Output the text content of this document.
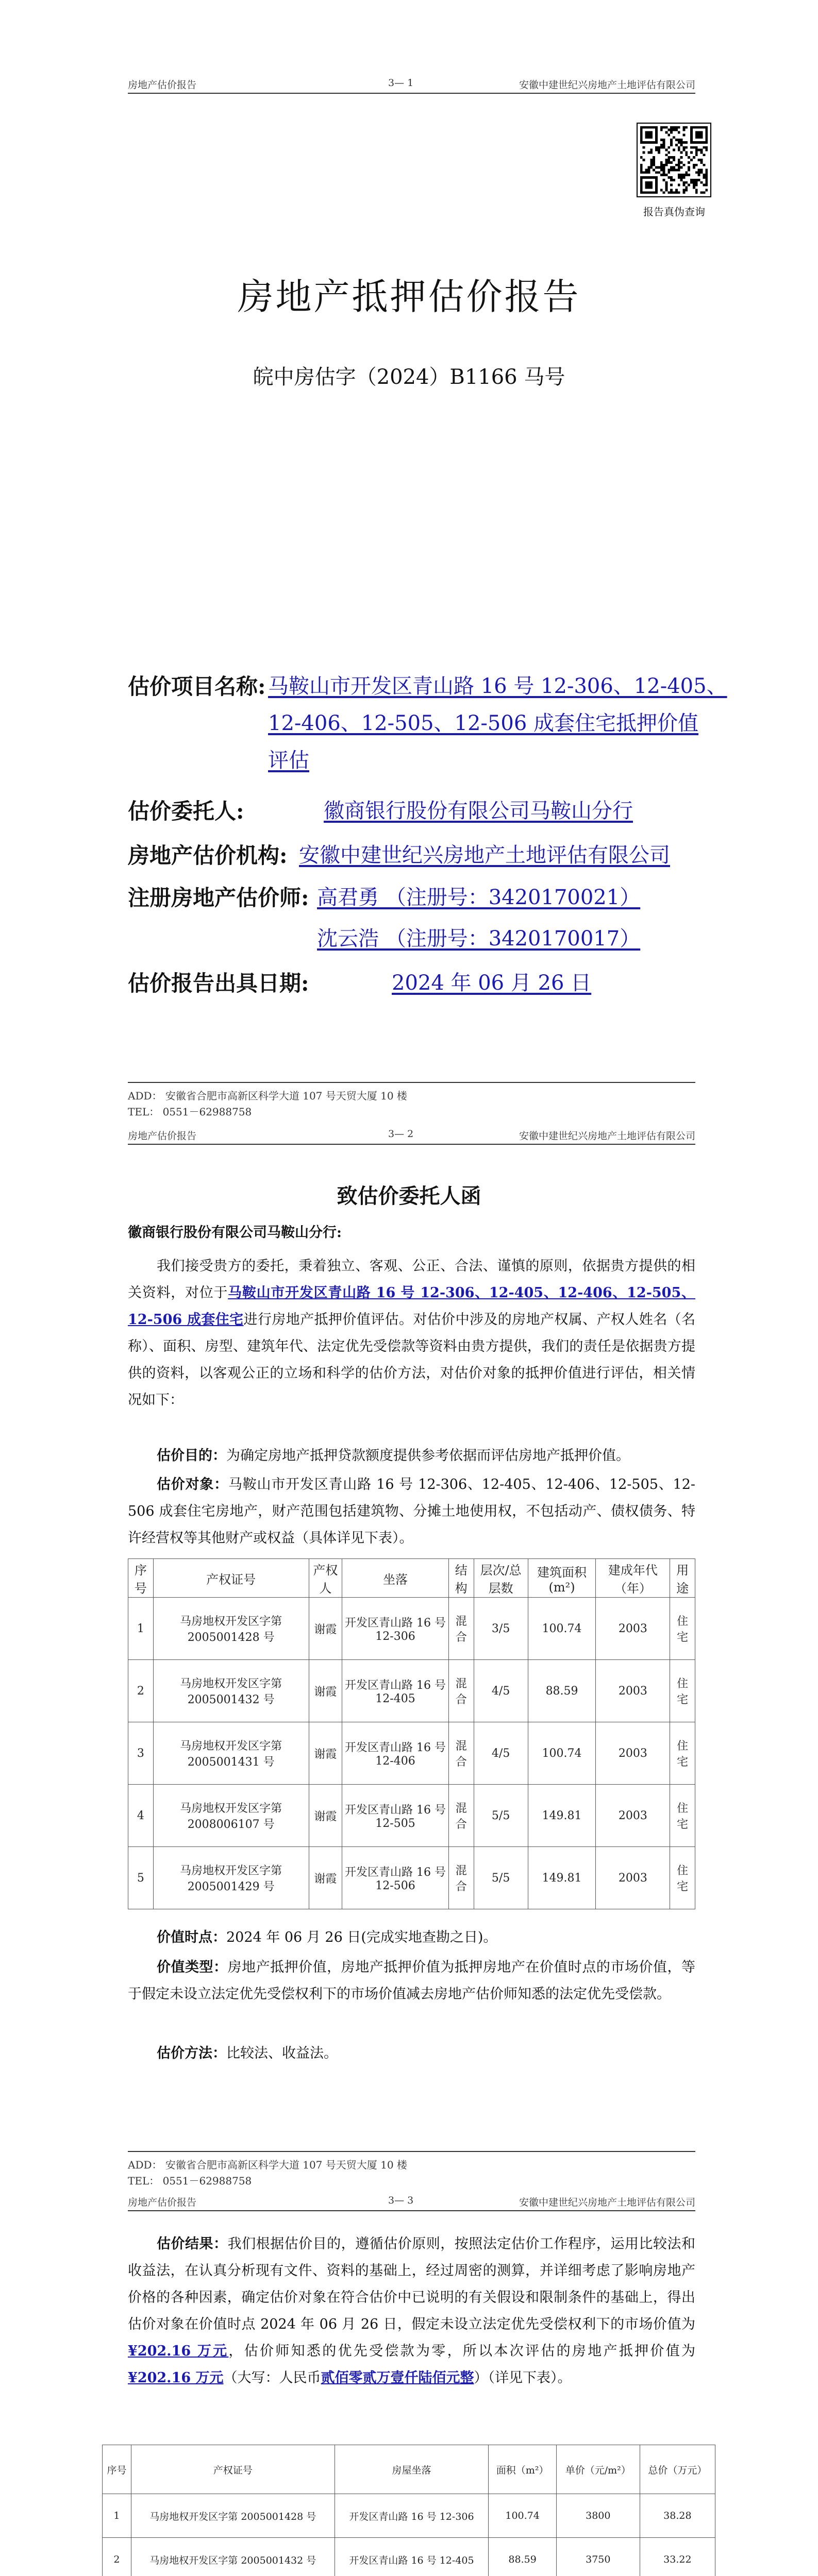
房地产估价报告	3— 1	安徽中建世纪兴房地产土地评估有限公司
报告真伪查询
房地产抵押估价报告
皖中房估字（2024）B1166 马号
估价项目名称: 马鞍山市开发区青山路 16 号 12-306、12-405、
12-406、12-505、12-506 成套住宅抵押价值
评估
估价委托人:	徽商银行股份有限公司马鞍山分行
房地产估价机构: 安徽中建世纪兴房地产土地评估有限公司
注册房地产估价师: 高君勇 （注册号：3420170021）
沈云浩 （注册号：3420170017）
估价报告出具日期:	2024 年 06 月 26 日
ADD： 安徽省合肥市高新区科学大道 107 号天贸大厦 10 楼
TEL： 0551－62988758
房地产估价报告	3— 2	安徽中建世纪兴房地产土地评估有限公司
致估价委托人函
徽商银行股份有限公司马鞍山分行:
我们接受贵方的委托，秉着独立、客观、公正、合法、谨慎的原则，依据贵方提供的相关资料，对位于马鞍山市开发区青山路 16 号 12-306、12-405、12-406、12-505、12-506 成套住宅进行房地产抵押价值评估。对估价中涉及的房地产权属、产权人姓名（名称）、面积、房型、建筑年代、法定优先受偿款等资料由贵方提供，我们的责任是依据贵方提供的资料，以客观公正的立场和科学的估价方法，对估价对象的抵押价值进行评估，相关情况如下：
估价目的：为确定房地产抵押贷款额度提供参考依据而评估房地产抵押价值。
估价对象：马鞍山市开发区青山路 16 号 12-306、12-405、12-406、12-505、12-506 成套住宅房地产，财产范围包括建筑物、分摊土地使用权，不包括动产、债权债务、特许经营权等其他财产或权益（具体详见下表）。
序号	产权证号	产权人	坐落	结构	层次/总层数	建筑面积(m²)	建成年代（年）	用途
1	马房地权开发区字第 2005001428 号	谢霞	开发区青山路 16 号 12-306	混合	3/5	100.74	2003	住宅
2	马房地权开发区字第 2005001432 号	谢霞	开发区青山路 16 号 12-405	混合	4/5	88.59	2003	住宅
3	马房地权开发区字第 2005001431 号	谢霞	开发区青山路 16 号 12-406	混合	4/5	100.74	2003	住宅
4	马房地权开发区字第 2008006107 号	谢霞	开发区青山路 16 号 12-505	混合	5/5	149.81	2003	住宅
5	马房地权开发区字第 2005001429 号	谢霞	开发区青山路 16 号 12-506	混合	5/5	149.81	2003	住宅
价值时点：2024 年 06 月 26 日(完成实地查勘之日)。
价值类型：房地产抵押价值，房地产抵押价值为抵押房地产在价值时点的市场价值，等于假定未设立法定优先受偿权利下的市场价值减去房地产估价师知悉的法定优先受偿款。
估价方法：比较法、收益法。
ADD： 安徽省合肥市高新区科学大道 107 号天贸大厦 10 楼
TEL： 0551－62988758
房地产估价报告	3— 3	安徽中建世纪兴房地产土地评估有限公司
估价结果：我们根据估价目的，遵循估价原则，按照法定估价工作程序，运用比较法和收益法，在认真分析现有文件、资料的基础上，经过周密的测算，并详细考虑了影响房地产价格的各种因素，确定估价对象在符合估价中已说明的有关假设和限制条件的基础上，得出估价对象在价值时点 2024 年 06 月 26 日，假定未设立法定优先受偿权利下的市场价值为¥202.16 万元，估价师知悉的优先受偿款为零，所以本次评估的房地产抵押价值为¥202.16 万元（大写：人民币贰佰零贰万壹仟陆佰元整）（详见下表）。
序号	产权证号	房屋坐落	面积（m²）	单价（元/m²）	总价（万元）
1	马房地权开发区字第 2005001428 号	开发区青山路 16 号 12-306	100.74	3800	38.28
2	马房地权开发区字第 2005001432 号	开发区青山路 16 号 12-405	88.59	3750	33.22
